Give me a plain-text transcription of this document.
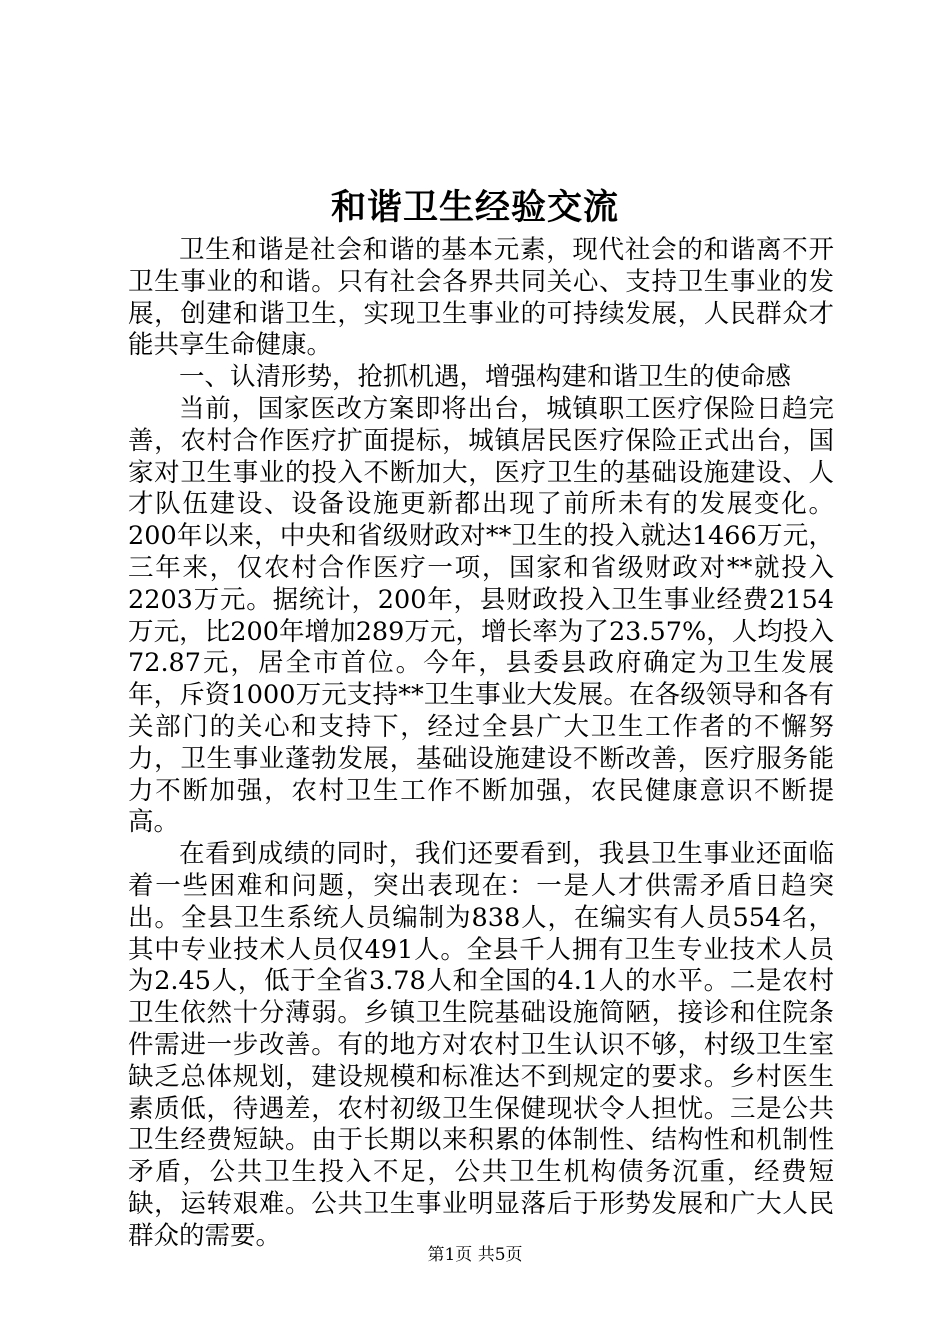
和谐卫生经验交流

卫生和谐是社会和谐的基本元素，现代社会的和谐离不开卫生事业的和谐。只有社会各界共同关心、支持卫生事业的发展，创建和谐卫生，实现卫生事业的可持续发展，人民群众才能共享生命健康。

一、认清形势，抢抓机遇，增强构建和谐卫生的使命感

当前，国家医改方案即将出台，城镇职工医疗保险日趋完善，农村合作医疗扩面提标，城镇居民医疗保险正式出台，国家对卫生事业的投入不断加大，医疗卫生的基础设施建设、人才队伍建设、设备设施更新都出现了前所未有的发展变化。200年以来，中央和省级财政对**卫生的投入就达1466万元，三年来，仅农村合作医疗一项，国家和省级财政对**就投入2203万元。据统计，200年，县财政投入卫生事业经费2154万元，比200年增加289万元，增长率为了23.57%，人均投入72.87元，居全市首位。今年，县委县政府确定为卫生发展年，斥资1000万元支持**卫生事业大发展。在各级领导和各有关部门的关心和支持下，经过全县广大卫生工作者的不懈努力，卫生事业蓬勃发展，基础设施建设不断改善，医疗服务能力不断加强，农村卫生工作不断加强，农民健康意识不断提高。

在看到成绩的同时，我们还要看到，我县卫生事业还面临着一些困难和问题，突出表现在：一是人才供需矛盾日趋突出。全县卫生系统人员编制为838人，在编实有人员554名，其中专业技术人员仅491人。全县千人拥有卫生专业技术人员为2.45人，低于全省3.78人和全国的4.1人的水平。二是农村卫生依然十分薄弱。乡镇卫生院基础设施简陋，接诊和住院条件需进一步改善。有的地方对农村卫生认识不够，村级卫生室缺乏总体规划，建设规模和标准达不到规定的要求。乡村医生素质低，待遇差，农村初级卫生保健现状令人担忧。三是公共卫生经费短缺。由于长期以来积累的体制性、结构性和机制性矛盾，公共卫生投入不足，公共卫生机构债务沉重，经费短缺，运转艰难。公共卫生事业明显落后于形势发展和广大人民群众的需要。

第1页 共5页
